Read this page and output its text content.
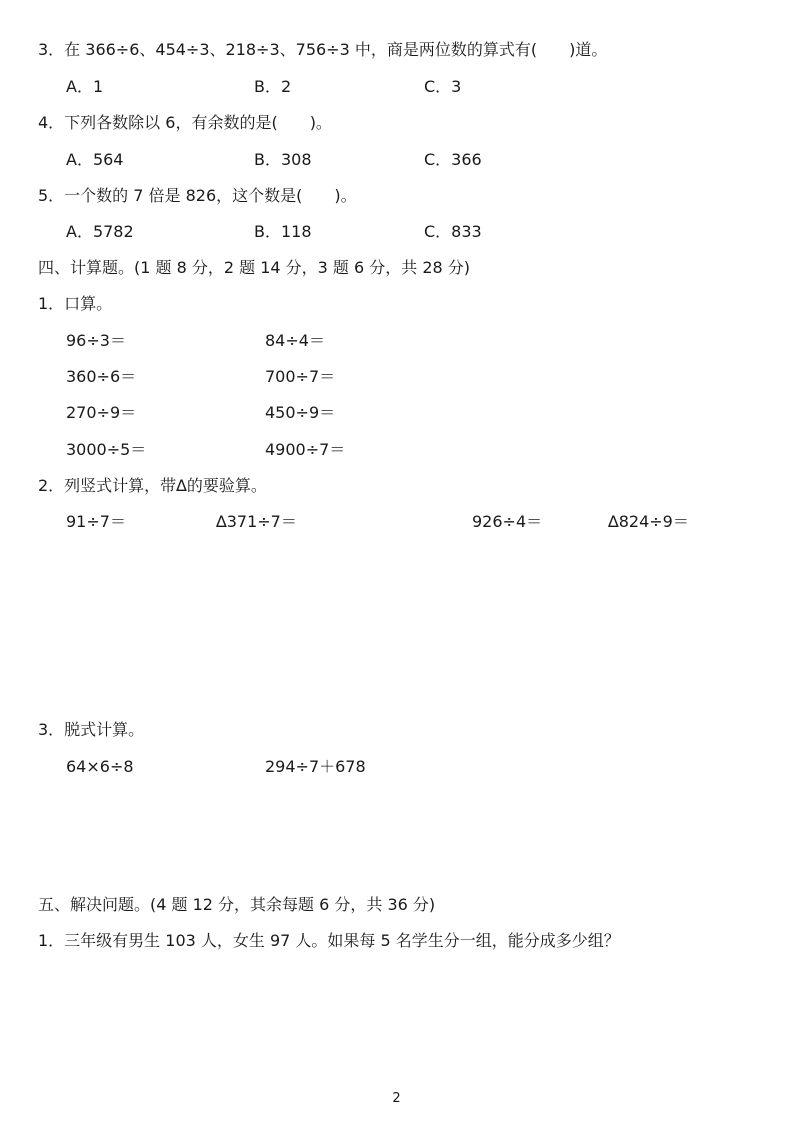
3．在 366÷6、454÷3、218÷3、756÷3 中，商是两位数的算式有(　　)道。
A．1	B．2	C．3
4．下列各数除以 6，有余数的是(　　)。
A．564	B．308	C．366
5．一个数的 7 倍是 826，这个数是(　　)。
A．5782	B．118	C．833
四、计算题。(1 题 8 分，2 题 14 分，3 题 6 分，共 28 分)
1．口算。
96÷3＝	84÷4＝
360÷6＝	700÷7＝
270÷9＝	450÷9＝
3000÷5＝	4900÷7＝
2．列竖式计算，带∆的要验算。
91÷7＝	∆371÷7＝	926÷4＝	∆824÷9＝
3．脱式计算。
64×6÷8	294÷7＋678
五、解决问题。(4 题 12 分，其余每题 6 分，共 36 分)
1．三年级有男生 103 人，女生 97 人。如果每 5 名学生分一组，能分成多少组？
2
